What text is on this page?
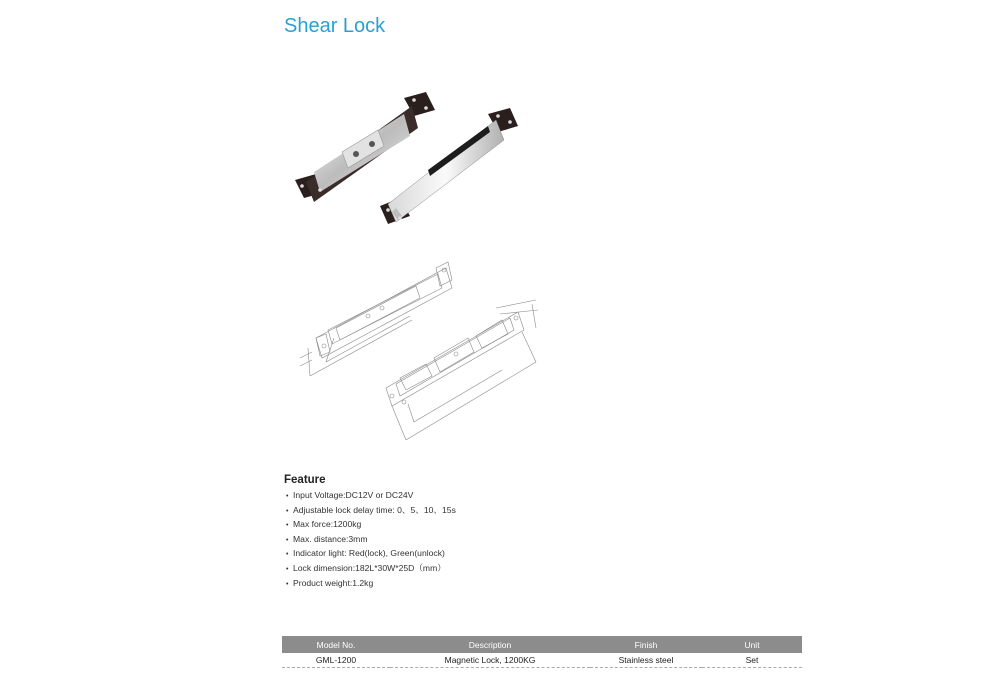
Shear Lock
Feature
• Input Voltage:DC12V or DC24V
• Adjustable lock delay time: 0、5、10、15s
• Max force:1200kg
• Max. distance:3mm
• Indicator light: Red(lock), Green(unlock)
• Lock dimension:182L*30W*25D（mm）
• Product weight:1.2kg
Model No.	Description	Finish	Unit
GML-1200	Magnetic Lock, 1200KG	Stainless steel	Set
